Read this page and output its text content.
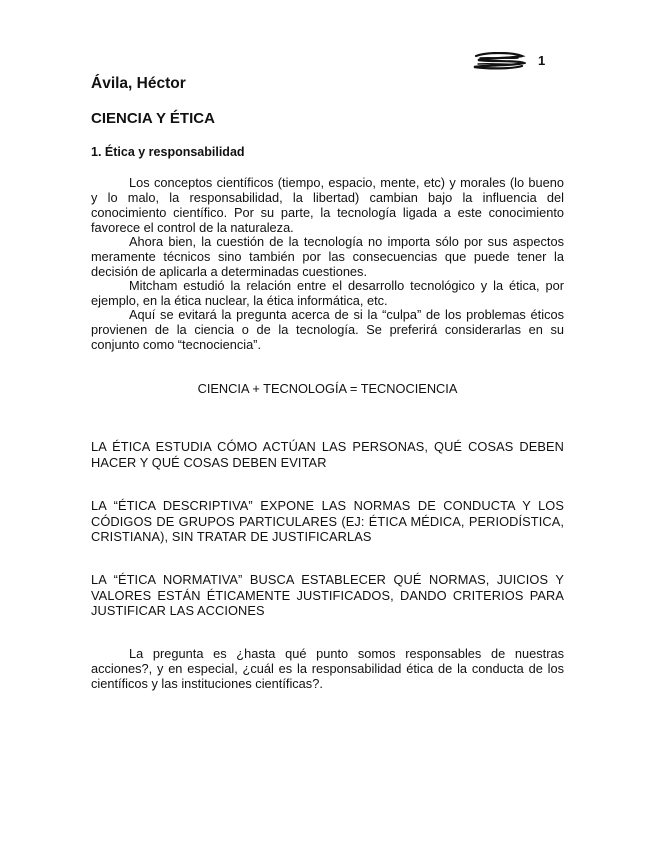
1
Ávila, Héctor
CIENCIA Y ÉTICA
1. Ética y responsabilidad

Los conceptos científicos (tiempo, espacio, mente, etc) y morales (lo bueno y lo malo, la responsabilidad, la libertad) cambian bajo la influencia del conocimiento científico. Por su parte, la tecnología ligada a este conocimiento favorece el control de la naturaleza.

Ahora bien, la cuestión de la tecnología no importa sólo por sus aspectos meramente técnicos sino también por las consecuencias que puede tener la decisión de aplicarla a determinadas cuestiones.

Mitcham estudió la relación entre el desarrollo tecnológico y la ética, por ejemplo, en la ética nuclear, la ética informática, etc.

Aquí se evitará la pregunta acerca de si la “culpa” de los problemas éticos provienen de la ciencia o de la tecnología. Se preferirá considerarlas en su conjunto como “tecnociencia”.

CIENCIA + TECNOLOGÍA = TECNOCIENCIA

LA ÉTICA ESTUDIA CÓMO ACTÚAN LAS PERSONAS, QUÉ COSAS DEBEN HACER Y QUÉ COSAS DEBEN EVITAR

LA “ÉTICA DESCRIPTIVA” EXPONE LAS NORMAS DE CONDUCTA Y LOS CÓDIGOS DE GRUPOS PARTICULARES (EJ: ÉTICA MÉDICA, PERIODÍSTICA, CRISTIANA), SIN TRATAR DE JUSTIFICARLAS

LA “ÉTICA NORMATIVA” BUSCA ESTABLECER QUÉ NORMAS, JUICIOS Y VALORES ESTÁN ÉTICAMENTE JUSTIFICADOS, DANDO CRITERIOS PARA JUSTIFICAR LAS ACCIONES

La pregunta es ¿hasta qué punto somos responsables de nuestras acciones?, y en especial, ¿cuál es la responsabilidad ética de la conducta de los científicos y las instituciones científicas?.
